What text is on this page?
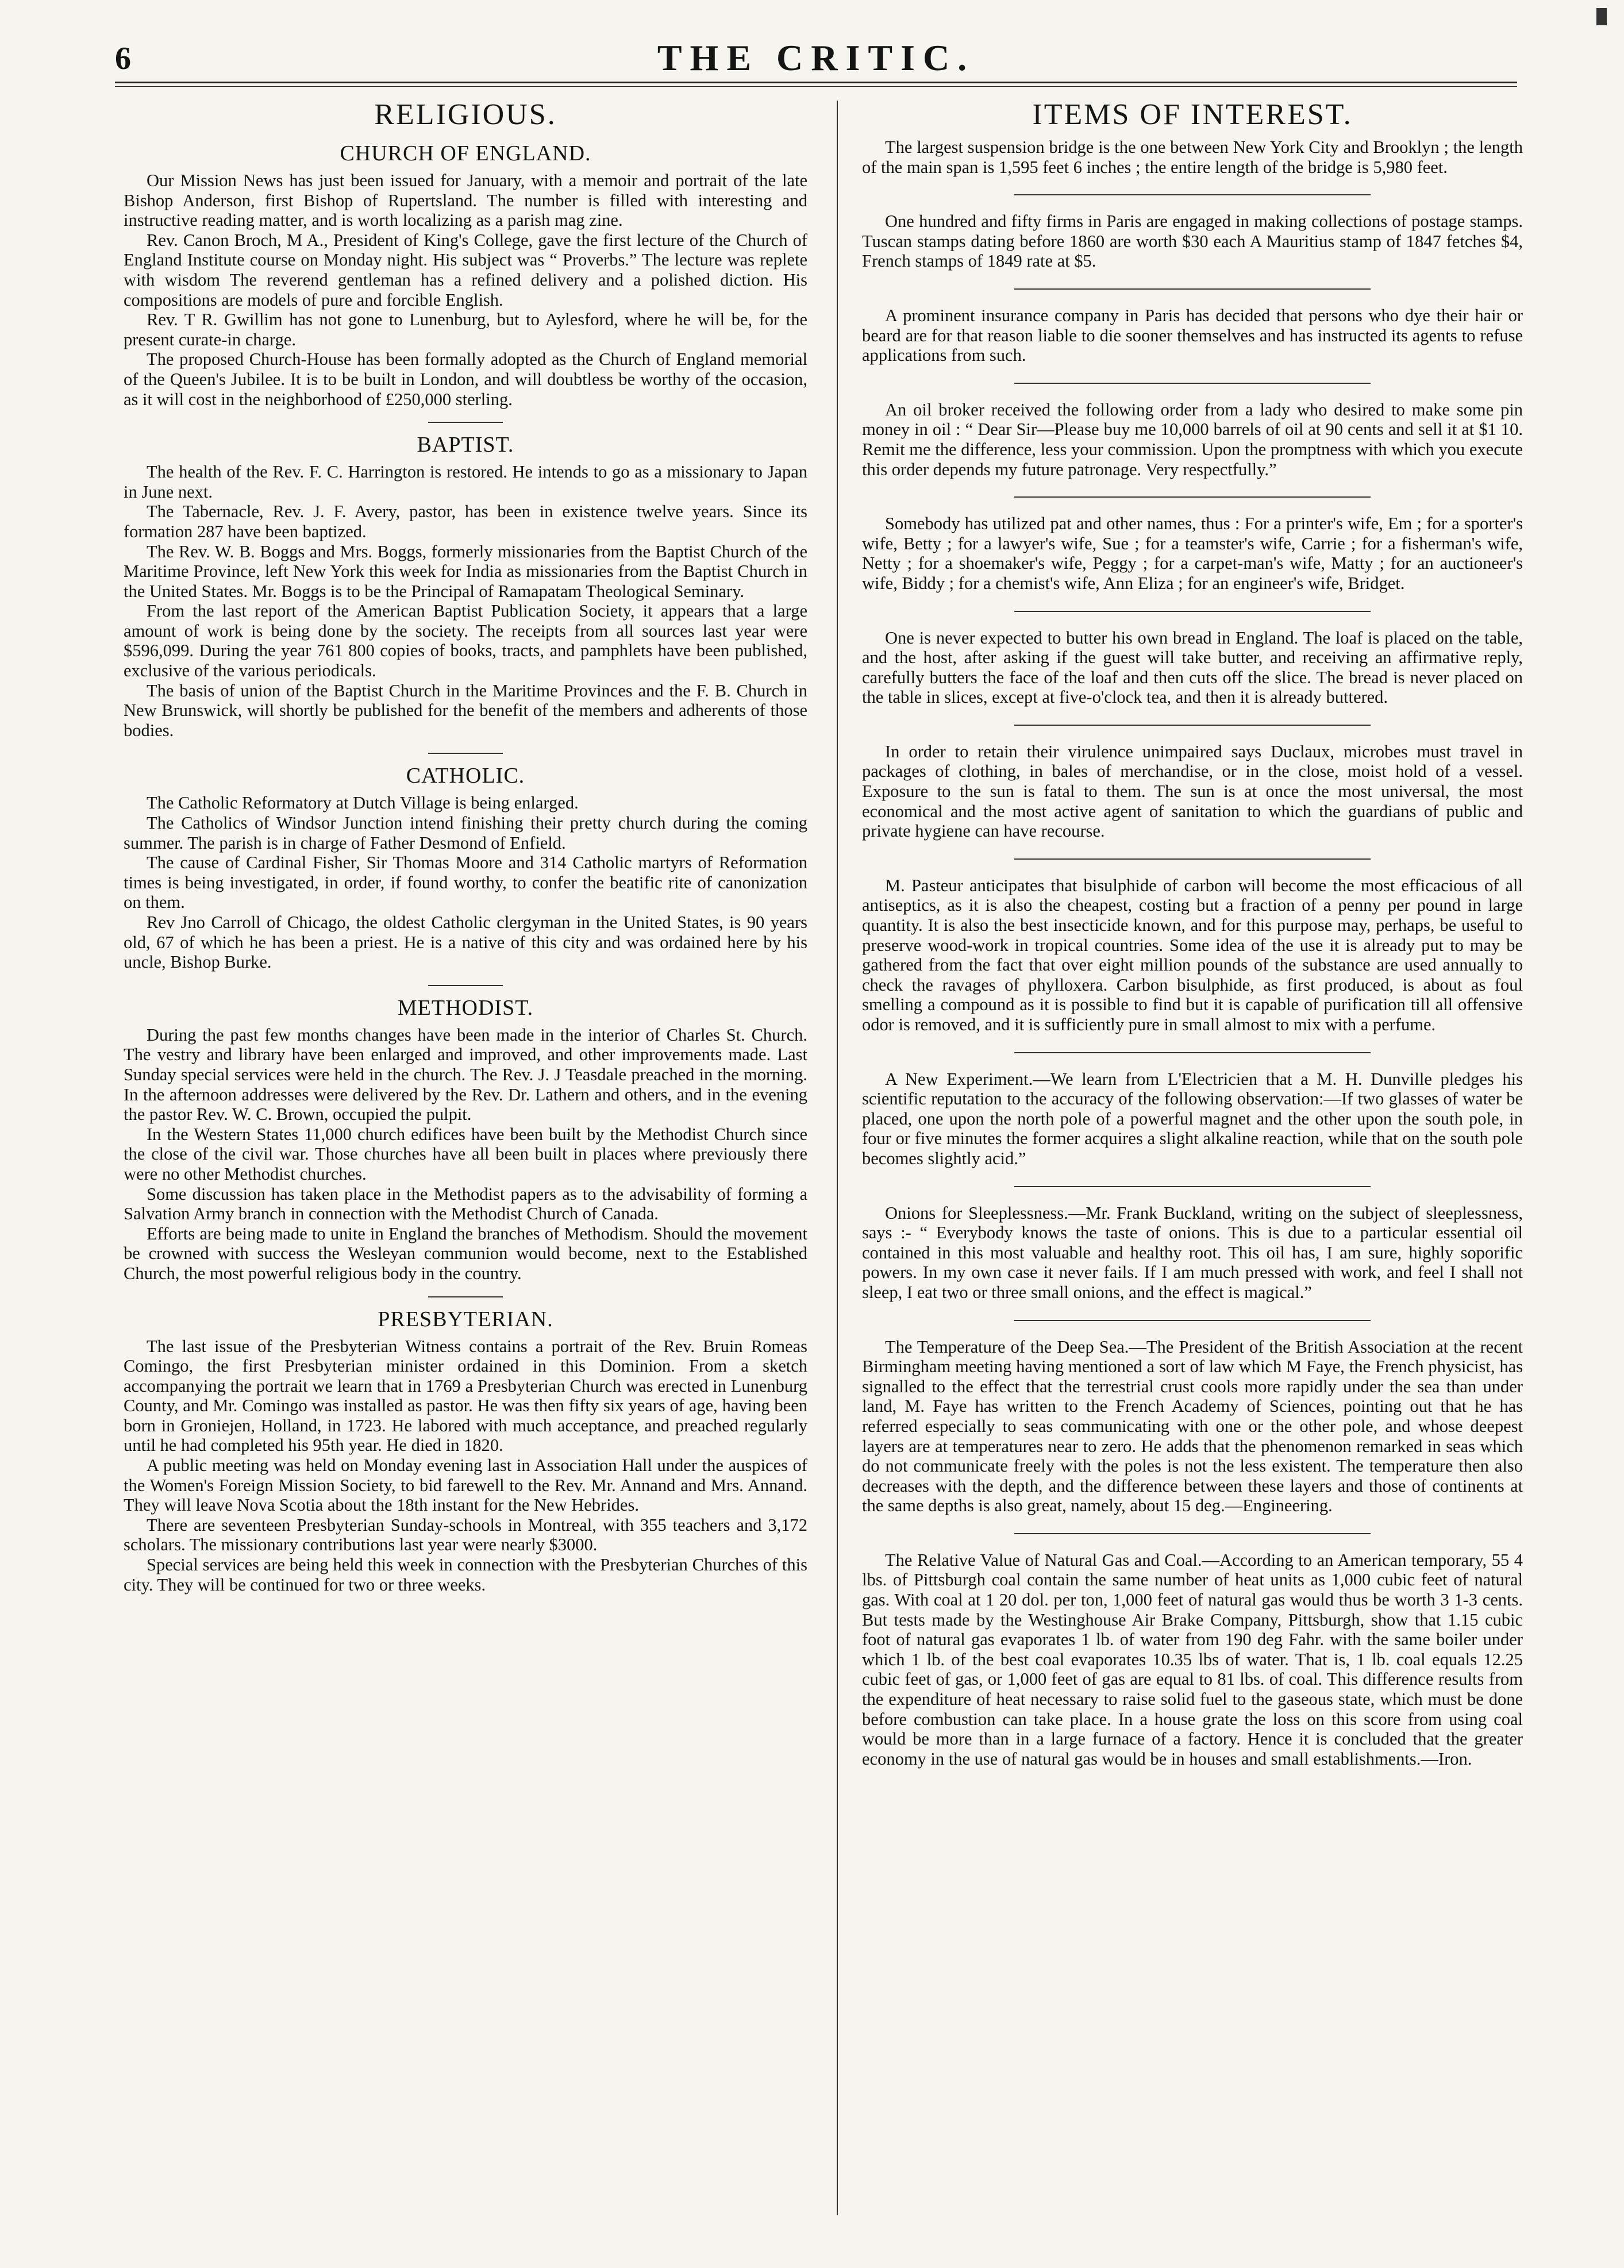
6	THE CRITIC.
RELIGIOUS.
CHURCH OF ENGLAND.

Our Mission News has just been issued for January, with a memoir and portrait of the late Bishop Anderson, first Bishop of Rupertsland. The number is filled with interesting and instructive reading matter, and is worth localizing as a parish mag zine.

Rev. Canon Broch, M A., President of King's College, gave the first lecture of the Church of England Institute course on Monday night. His subject was “ Proverbs.” The lecture was replete with wisdom The reverend gentleman has a refined delivery and a polished diction. His compositions are models of pure and forcible English.

Rev. T R. Gwillim has not gone to Lunenburg, but to Aylesford, where he will be, for the present curate-in charge.

The proposed Church-House has been formally adopted as the Church of England memorial of the Queen's Jubilee. It is to be built in London, and will doubtless be worthy of the occasion, as it will cost in the neighborhood of £250,000 sterling.

BAPTIST.

The health of the Rev. F. C. Harrington is restored. He intends to go as a missionary to Japan in June next.

The Tabernacle, Rev. J. F. Avery, pastor, has been in existence twelve years. Since its formation 287 have been baptized.

The Rev. W. B. Boggs and Mrs. Boggs, formerly missionaries from the Baptist Church of the Maritime Province, left New York this week for India as missionaries from the Baptist Church in the United States. Mr. Boggs is to be the Principal of Ramapatam Theological Seminary.

From the last report of the American Baptist Publication Society, it appears that a large amount of work is being done by the society. The receipts from all sources last year were $596,099. During the year 761 800 copies of books, tracts, and pamphlets have been published, exclusive of the various periodicals.

The basis of union of the Baptist Church in the Maritime Provinces and the F. B. Church in New Brunswick, will shortly be published for the benefit of the members and adherents of those bodies.

CATHOLIC.

The Catholic Reformatory at Dutch Village is being enlarged.

The Catholics of Windsor Junction intend finishing their pretty church during the coming summer. The parish is in charge of Father Desmond of Enfield.

The cause of Cardinal Fisher, Sir Thomas Moore and 314 Catholic martyrs of Reformation times is being investigated, in order, if found worthy, to confer the beatific rite of canonization on them.

Rev Jno Carroll of Chicago, the oldest Catholic clergyman in the United States, is 90 years old, 67 of which he has been a priest. He is a native of this city and was ordained here by his uncle, Bishop Burke.

METHODIST.

During the past few months changes have been made in the interior of Charles St. Church. The vestry and library have been enlarged and improved, and other improvements made. Last Sunday special services were held in the church. The Rev. J. J Teasdale preached in the morning. In the afternoon addresses were delivered by the Rev. Dr. Lathern and others, and in the evening the pastor Rev. W. C. Brown, occupied the pulpit.

In the Western States 11,000 church edifices have been built by the Methodist Church since the close of the civil war. Those churches have all been built in places where previously there were no other Methodist churches.

Some discussion has taken place in the Methodist papers as to the advisability of forming a Salvation Army branch in connection with the Methodist Church of Canada.

Efforts are being made to unite in England the branches of Methodism. Should the movement be crowned with success the Wesleyan communion would become, next to the Established Church, the most powerful religious body in the country.

PRESBYTERIAN.

The last issue of the Presbyterian Witness contains a portrait of the Rev. Bruin Romeas Comingo, the first Presbyterian minister ordained in this Dominion. From a sketch accompanying the portrait we learn that in 1769 a Presbyterian Church was erected in Lunenburg County, and Mr. Comingo was installed as pastor. He was then fifty six years of age, having been born in Groniejen, Holland, in 1723. He labored with much acceptance, and preached regularly until he had completed his 95th year. He died in 1820.

A public meeting was held on Monday evening last in Association Hall under the auspices of the Women's Foreign Mission Society, to bid farewell to the Rev. Mr. Annand and Mrs. Annand. They will leave Nova Scotia about the 18th instant for the New Hebrides.

There are seventeen Presbyterian Sunday-schools in Montreal, with 355 teachers and 3,172 scholars. The missionary contributions last year were nearly $3000.

Special services are being held this week in connection with the Presbyterian Churches of this city. They will be continued for two or three weeks.

ITEMS OF INTEREST.

The largest suspension bridge is the one between New York City and Brooklyn ; the length of the main span is 1,595 feet 6 inches ; the entire length of the bridge is 5,980 feet.

One hundred and fifty firms in Paris are engaged in making collections of postage stamps. Tuscan stamps dating before 1860 are worth $30 each A Mauritius stamp of 1847 fetches $4, French stamps of 1849 rate at $5.

A prominent insurance company in Paris has decided that persons who dye their hair or beard are for that reason liable to die sooner themselves and has instructed its agents to refuse applications from such.

An oil broker received the following order from a lady who desired to make some pin money in oil : “ Dear Sir—Please buy me 10,000 barrels of oil at 90 cents and sell it at $1 10. Remit me the difference, less your commission. Upon the promptness with which you execute this order depends my future patronage. Very respectfully.”

Somebody has utilized pat and other names, thus : For a printer's wife, Em ; for a sporter's wife, Betty ; for a lawyer's wife, Sue ; for a teamster's wife, Carrie ; for a fisherman's wife, Netty ; for a shoemaker's wife, Peggy ; for a carpet-man's wife, Matty ; for an auctioneer's wife, Biddy ; for a chemist's wife, Ann Eliza ; for an engineer's wife, Bridget.

One is never expected to butter his own bread in England. The loaf is placed on the table, and the host, after asking if the guest will take butter, and receiving an affirmative reply, carefully butters the face of the loaf and then cuts off the slice. The bread is never placed on the table in slices, except at five-o'clock tea, and then it is already buttered.

In order to retain their virulence unimpaired says Duclaux, microbes must travel in packages of clothing, in bales of merchandise, or in the close, moist hold of a vessel. Exposure to the sun is fatal to them. The sun is at once the most universal, the most economical and the most active agent of sanitation to which the guardians of public and private hygiene can have recourse.

M. Pasteur anticipates that bisulphide of carbon will become the most efficacious of all antiseptics, as it is also the cheapest, costing but a fraction of a penny per pound in large quantity. It is also the best insecticide known, and for this purpose may, perhaps, be useful to preserve wood-work in tropical countries. Some idea of the use it is already put to may be gathered from the fact that over eight million pounds of the substance are used annually to check the ravages of phylloxera. Carbon bisulphide, as first produced, is about as foul smelling a compound as it is possible to find but it is capable of purification till all offensive odor is removed, and it is sufficiently pure in small almost to mix with a perfume.

A New Experiment.—We learn from L'Electricien that a M. H. Dunville pledges his scientific reputation to the accuracy of the following observation:—If two glasses of water be placed, one upon the north pole of a powerful magnet and the other upon the south pole, in four or five minutes the former acquires a slight alkaline reaction, while that on the south pole becomes slightly acid.”

Onions for Sleeplessness.—Mr. Frank Buckland, writing on the subject of sleeplessness, says :- “ Everybody knows the taste of onions. This is due to a particular essential oil contained in this most valuable and healthy root. This oil has, I am sure, highly soporific powers. In my own case it never fails. If I am much pressed with work, and feel I shall not sleep, I eat two or three small onions, and the effect is magical.”

The Temperature of the Deep Sea.—The President of the British Association at the recent Birmingham meeting having mentioned a sort of law which M Faye, the French physicist, has signalled to the effect that the terrestrial crust cools more rapidly under the sea than under land, M. Faye has written to the French Academy of Sciences, pointing out that he has referred especially to seas communicating with one or the other pole, and whose deepest layers are at temperatures near to zero. He adds that the phenomenon remarked in seas which do not communicate freely with the poles is not the less existent. The temperature then also decreases with the depth, and the difference between these layers and those of continents at the same depths is also great, namely, about 15 deg.—Engineering.

The Relative Value of Natural Gas and Coal.—According to an American temporary, 55 4 lbs. of Pittsburgh coal contain the same number of heat units as 1,000 cubic feet of natural gas. With coal at 1 20 dol. per ton, 1,000 feet of natural gas would thus be worth 3 1-3 cents. But tests made by the Westinghouse Air Brake Company, Pittsburgh, show that 1.15 cubic foot of natural gas evaporates 1 lb. of water from 190 deg Fahr. with the same boiler under which 1 lb. of the best coal evaporates 10.35 lbs of water. That is, 1 lb. coal equals 12.25 cubic feet of gas, or 1,000 feet of gas are equal to 81 lbs. of coal. This difference results from the expenditure of heat necessary to raise solid fuel to the gaseous state, which must be done before combustion can take place. In a house grate the loss on this score from using coal would be more than in a large furnace of a factory. Hence it is concluded that the greater economy in the use of natural gas would be in houses and small establishments.—Iron.
